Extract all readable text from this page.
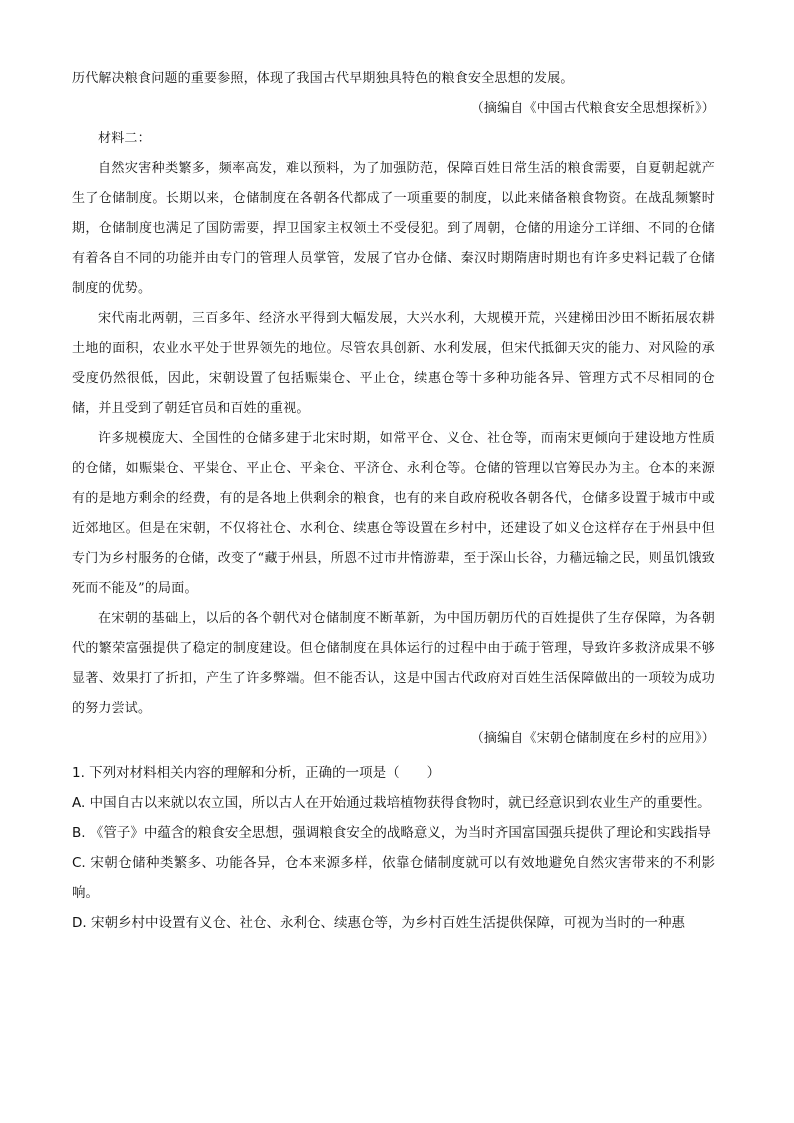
历代解决粮食问题的重要参照，体现了我国古代早期独具特色的粮食安全思想的发展。

（摘编自《中国古代粮食安全思想探析》）

材料二：

自然灾害种类繁多，频率高发，难以预料，为了加强防范，保障百姓日常生活的粮食需要，自夏朝起就产生了仓储制度。长期以来，仓储制度在各朝各代都成了一项重要的制度，以此来储备粮食物资。在战乱频繁时期，仓储制度也满足了国防需要，捍卫国家主权领土不受侵犯。到了周朝，仓储的用途分工详细、不同的仓储有着各自不同的功能并由专门的管理人员掌管，发展了官办仓储、秦汉时期隋唐时期也有许多史料记载了仓储制度的优势。

宋代南北两朝，三百多年、经济水平得到大幅发展，大兴水利，大规模开荒，兴建梯田沙田不断拓展农耕土地的面积，农业水平处于世界领先的地位。尽管农具创新、水利发展，但宋代抵御天灾的能力、对风险的承受度仍然很低，因此，宋朝设置了包括赈粜仓、平止仓，续惠仓等十多种功能各异、管理方式不尽相同的仓储，并且受到了朝廷官员和百姓的重视。

许多规模庞大、全国性的仓储多建于北宋时期，如常平仓、义仓、社仓等，而南宋更倾向于建设地方性质的仓储，如赈粜仓、平粜仓、平止仓、平籴仓、平济仓、永利仓等。仓储的管理以官筹民办为主。仓本的来源有的是地方剩余的经费，有的是各地上供剩余的粮食，也有的来自政府税收各朝各代，仓储多设置于城市中或近郊地区。但是在宋朝，不仅将社仓、水利仓、续惠仓等设置在乡村中，还建设了如义仓这样存在于州县中但专门为乡村服务的仓储，改变了“藏于州县，所恩不过市井惰游辈，至于深山长谷，力穑远输之民，则虽饥饿致死而不能及”的局面。

在宋朝的基础上，以后的各个朝代对仓储制度不断革新，为中国历朝历代的百姓提供了生存保障，为各朝代的繁荣富强提供了稳定的制度建设。但仓储制度在具体运行的过程中由于疏于管理，导致许多救济成果不够显著、效果打了折扣，产生了许多弊端。但不能否认，这是中国古代政府对百姓生活保障做出的一项较为成功的努力尝试。

（摘编自《宋朝仓储制度在乡村的应用》）

1. 下列对材料相关内容的理解和分析，正确的一项是（　　）

A. 中国自古以来就以农立国，所以古人在开始通过栽培植物获得食物时，就已经意识到农业生产的重要性。

B. 《管子》中蕴含的粮食安全思想，强调粮食安全的战略意义，为当时齐国富国强兵提供了理论和实践指导

C. 宋朝仓储种类繁多、功能各异，仓本来源多样，依靠仓储制度就可以有效地避免自然灾害带来的不利影响。

D. 宋朝乡村中设置有义仓、社仓、永利仓、续惠仓等，为乡村百姓生活提供保障，可视为当时的一种惠
